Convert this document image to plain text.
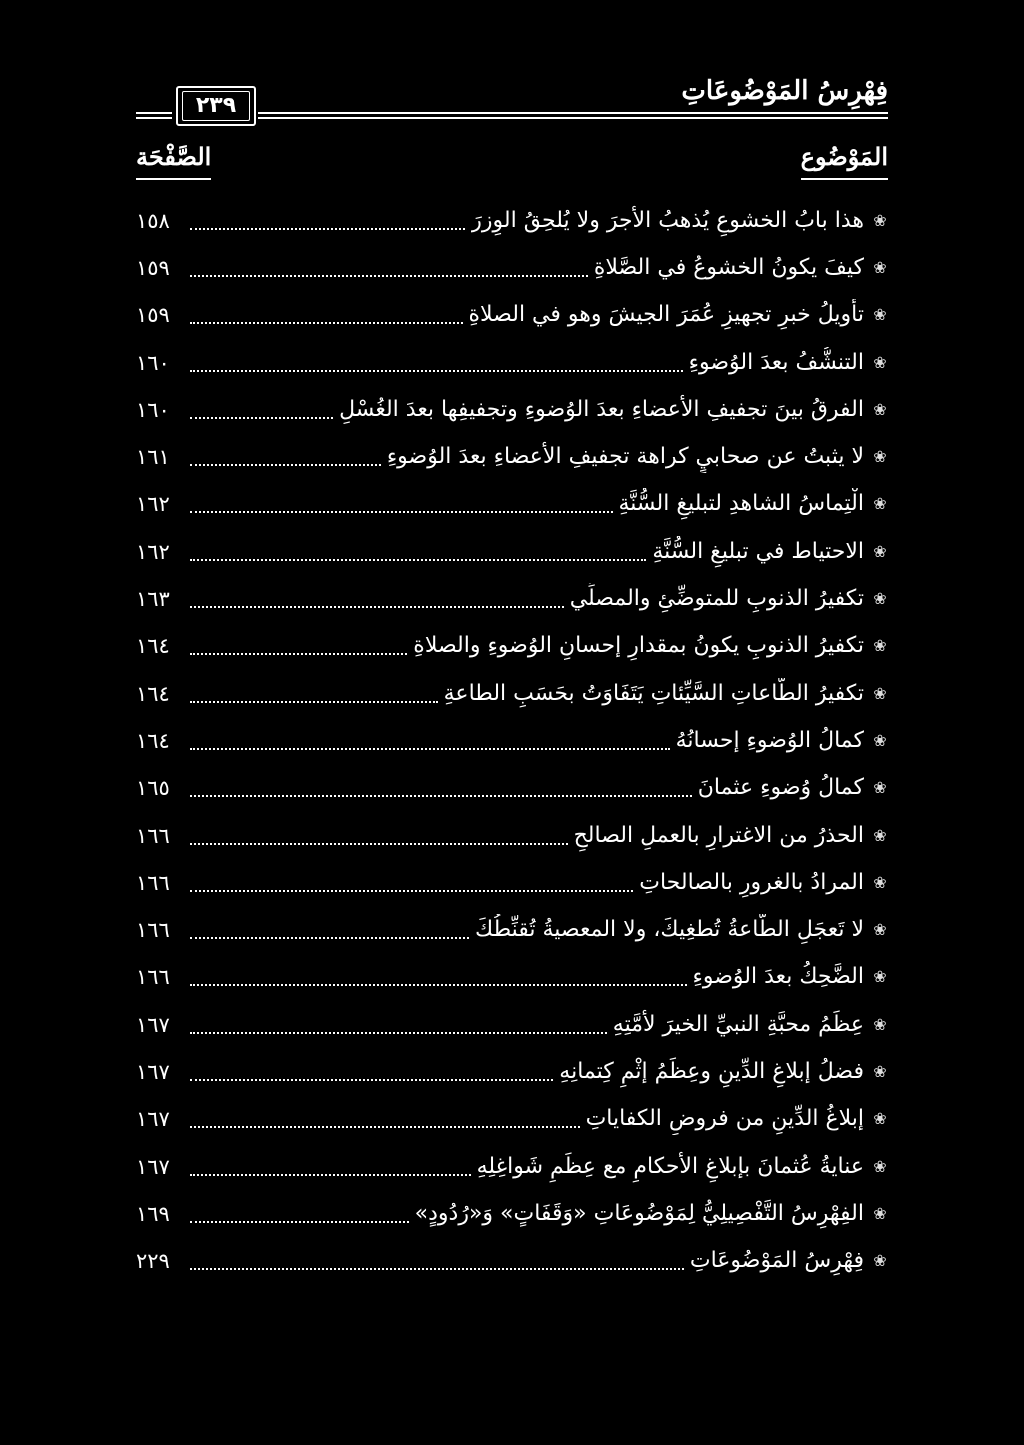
فِهْرِسُ المَوْضُوعَاتِ
٢٣٩
المَوْضُوع
الصَّفْحَة
❀
هذا بابُ الخشوعِ يُذهبُ الأجرَ ولا يُلحِقُ الوِزرَ
١٥٨
❀
كيفَ يكونُ الخشوعُ في الصَّلاةِ
١٥٩
❀
تأويلُ خبرِ تجهيزِ عُمَرَ الجيشَ وهو في الصلاةِ
١٥٩
❀
التنشُّفُ بعدَ الوُضوءِ
١٦٠
❀
الفرقُ بينَ تجفيفِ الأعضاءِ بعدَ الوُضوءِ وتجفيفِها بعدَ الغُسْلِ
١٦٠
❀
لا يثبتُ عن صحابيٍ كراهة تجفيفِ الأعضاءِ بعدَ الوُضوءِ
١٦١
❀
الْتِماسُ الشاهدِ لتبليغِ السُّنَّةِ
١٦٢
❀
الاحتياط في تبليغِ السُّنَّةِ
١٦٢
❀
تكفيرُ الذنوبِ للمتوضِّئِ والمصلِّي
١٦٣
❀
تكفيرُ الذنوبِ يكونُ بمقدارِ إحسانِ الوُضوءِ والصلاةِ
١٦٤
❀
تكفيرُ الطَّاعاتِ السَّيِّئاتِ يَتَفَاوَتُ بحَسَبِ الطاعةِ
١٦٤
❀
كمالُ الوُضوءِ إحسانُهُ
١٦٤
❀
كمالُ وُضوءِ عثمانَ
١٦٥
❀
الحذرُ من الاغترارِ بالعملِ الصالحِ
١٦٦
❀
المرادُ بالغرورِ بالصالحاتِ
١٦٦
❀
لا تَعجَلِ الطَّاعةُ تُطغِيكَ، ولا المعصيةُ تُقنِّطُكَ
١٦٦
❀
الضَّحِكُ بعدَ الوُضوءِ
١٦٦
❀
عِظَمُ محبَّةِ النبيِّ الخيرَ لأمَّتِهِ
١٦٧
❀
فضلُ إبلاغِ الدِّينِ وعِظَمُ إثْمِ كِتمانِهِ
١٦٧
❀
إبلاغُ الدِّينِ من فروضِ الكفاياتِ
١٦٧
❀
عنايةُ عُثمانَ بإبلاغِ الأحكامِ مع عِظَمِ شَواغِلِهِ
١٦٧
❀
الفِهْرِسُ التَّفْصِيلِيُّ لِمَوْضُوعَاتِ «وَقَفَاتٍ» وَ«رُدُودٍ»
١٦٩
❀
فِهْرِسُ المَوْضُوعَاتِ
٢٢٩
